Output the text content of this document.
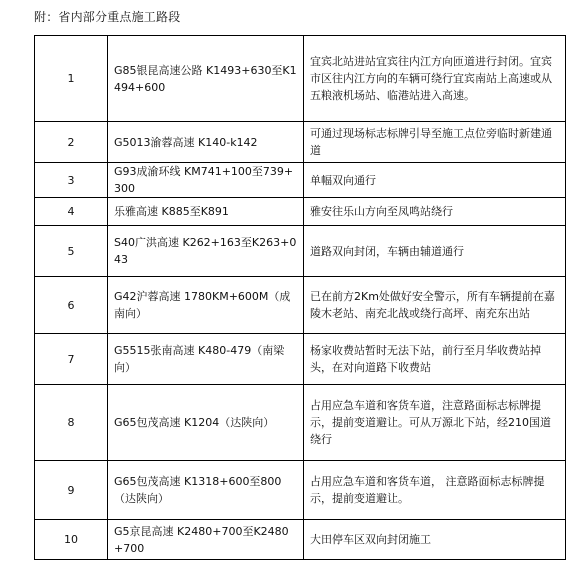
附：省内部分重点施工路段
1	G85银昆高速公路 K1493+630至K1494+600	宜宾北站进站宜宾往内江方向匝道进行封闭。宜宾市区往内江方向的车辆可绕行宜宾南站上高速或从五粮液机场站、临港站进入高速。
2	G5013渝蓉高速 K140-k142	可通过现场标志标牌引导至施工点位旁临时新建通道
3	G93成渝环线 KM741+100至739+300	单幅双向通行
4	乐雅高速 K885至K891	雅安往乐山方向至凤鸣站绕行
5	S40广洪高速 K262+163至K263+043	道路双向封闭，车辆由辅道通行
6	G42沪蓉高速 1780KM+600M（成南向）	已在前方2Km处做好安全警示，所有车辆提前在嘉陵木老站、南充北战或绕行高坪、南充东出站
7	G5515张南高速 K480-479（南梁向）	杨家收费站暂时无法下站，前行至月华收费站掉头，在对向道路下收费站
8	G65包茂高速 K1204（达陕向）	占用应急车道和客货车道，注意路面标志标牌提示，提前变道避让。可从万源北下站，经210国道绕行
9	G65包茂高速 K1318+600至800（达陕向）	占用应急车道和客货车道， 注意路面标志标牌提示，提前变道避让。
10	G5京昆高速 K2480+700至K2480+700	大田停车区双向封闭施工
